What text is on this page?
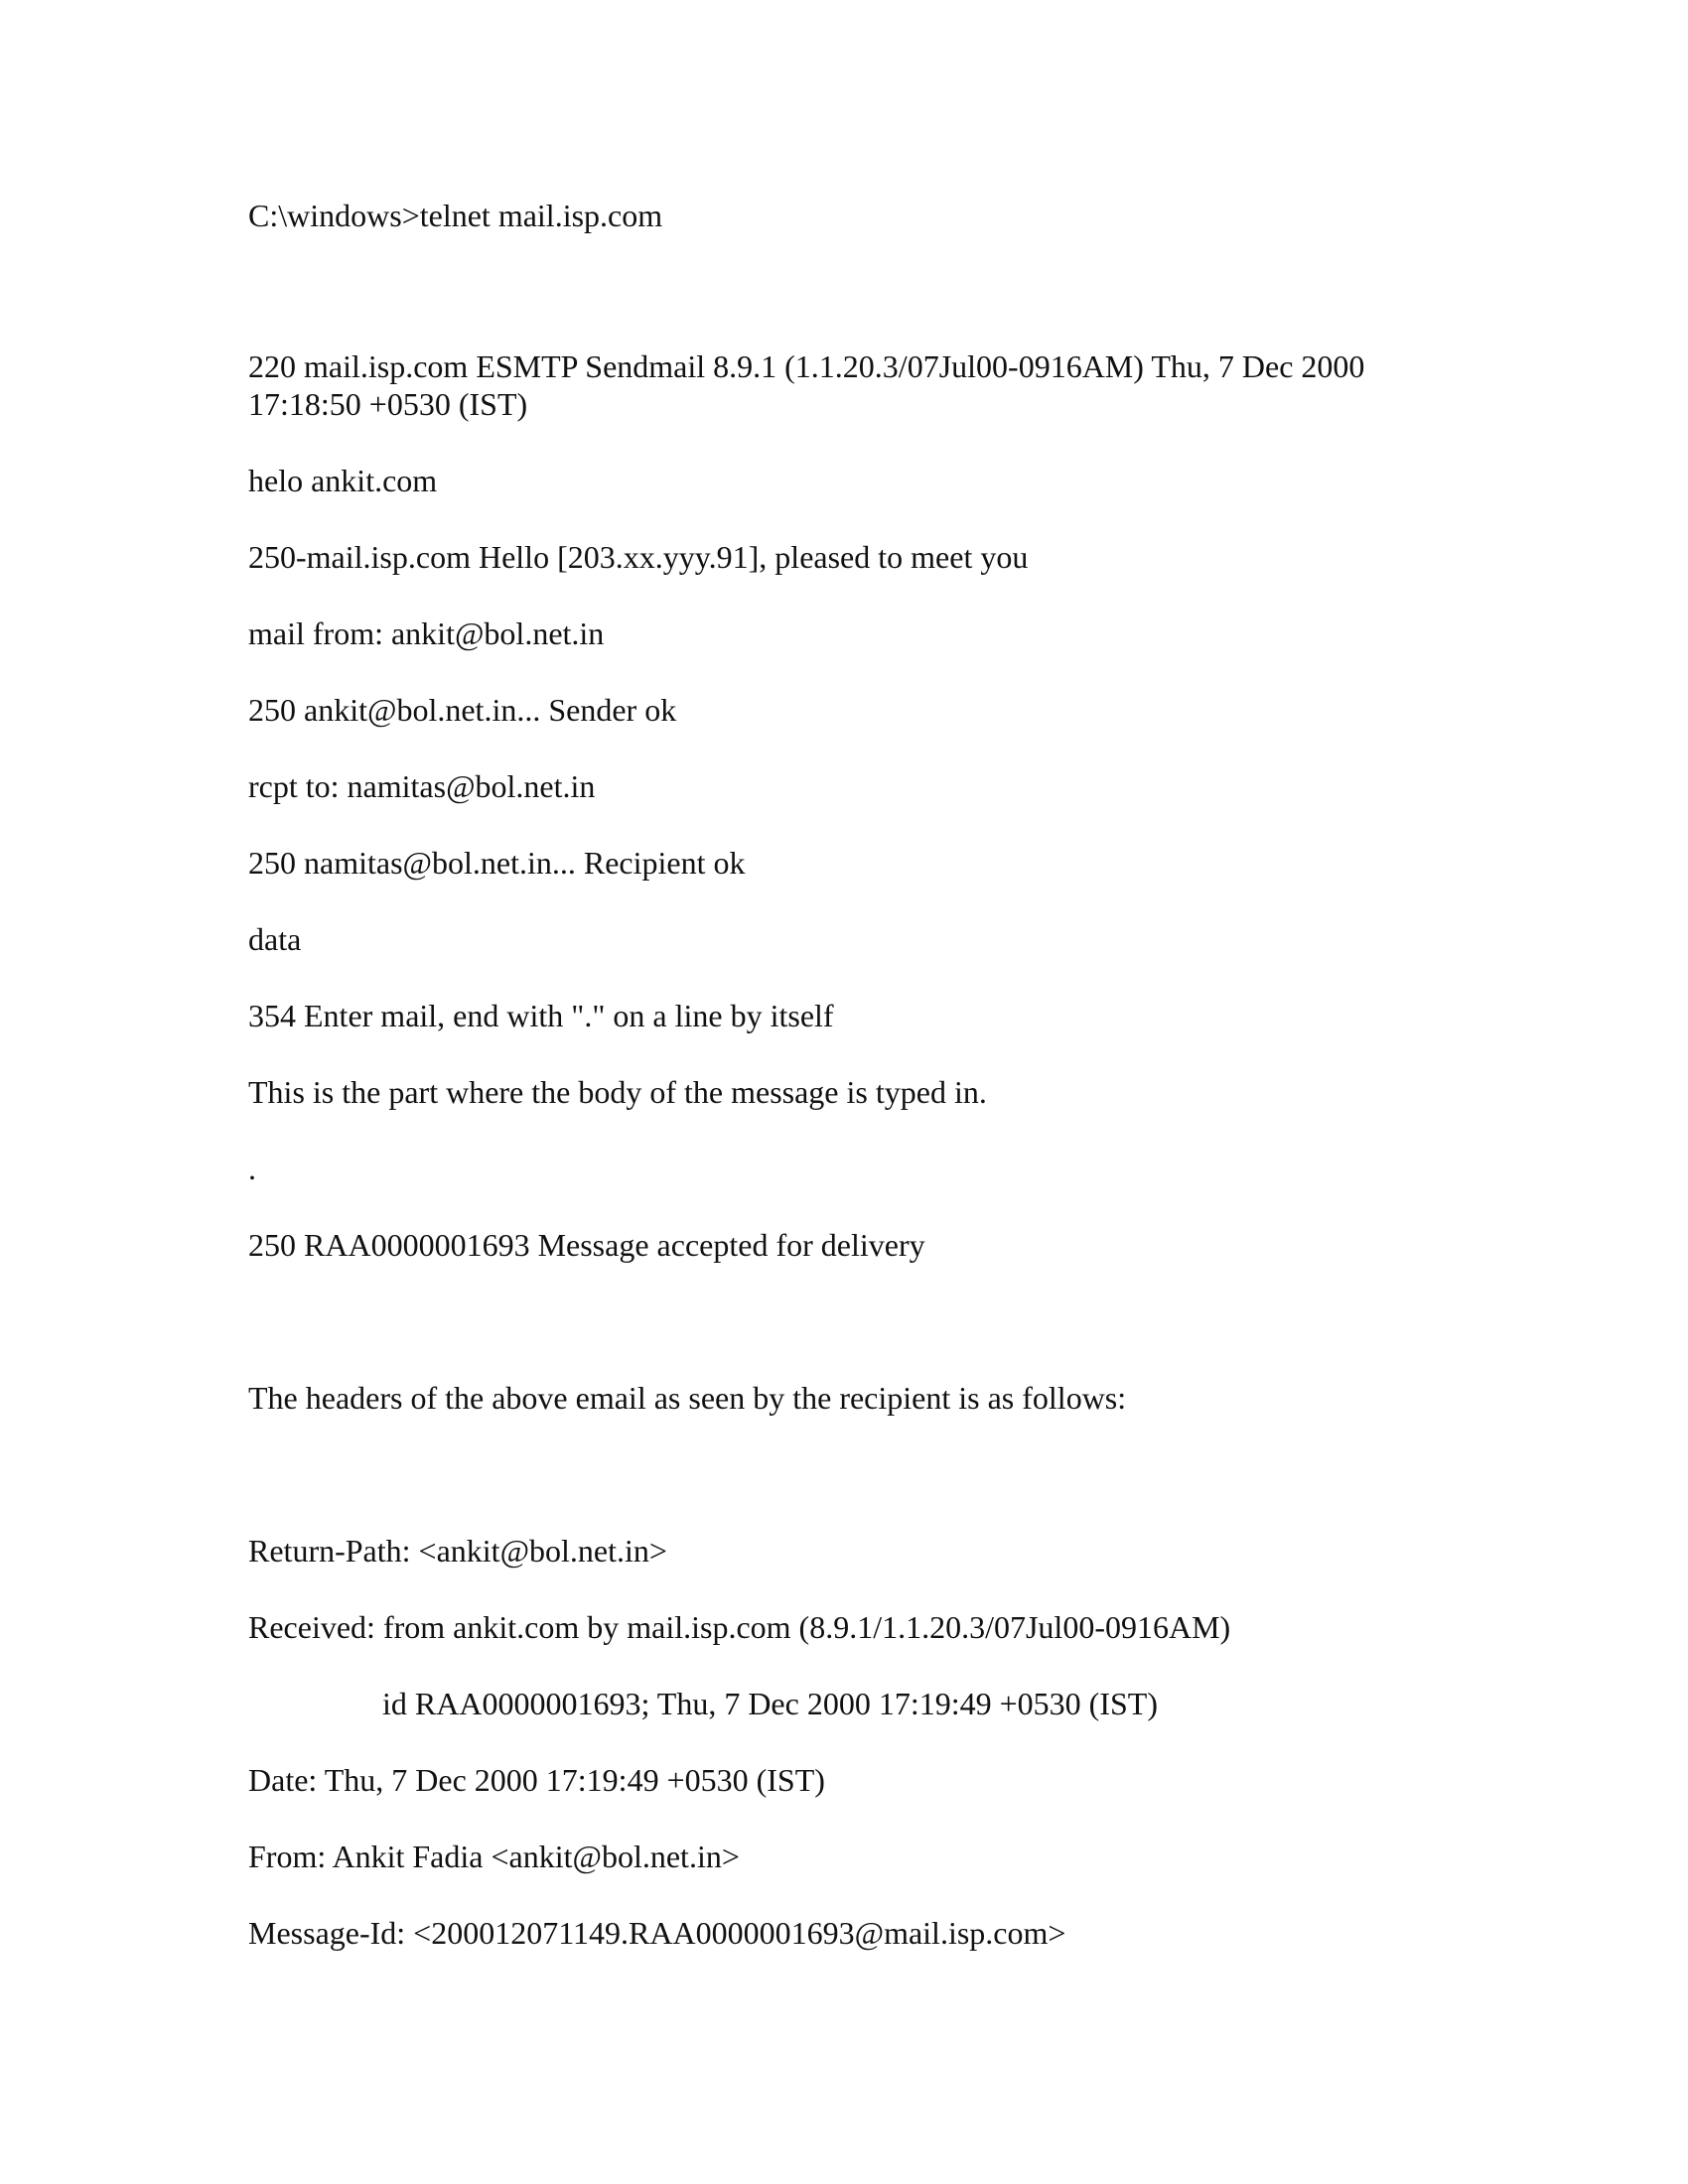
C:\windows>telnet mail.isp.com

220 mail.isp.com ESMTP Sendmail 8.9.1 (1.1.20.3/07Jul00-0916AM) Thu, 7 Dec 2000

17:18:50 +0530 (IST)

helo ankit.com

250-mail.isp.com Hello [203.xx.yyy.91], pleased to meet you

mail from: ankit@bol.net.in

250 ankit@bol.net.in... Sender ok

rcpt to: namitas@bol.net.in

250 namitas@bol.net.in... Recipient ok

data

354 Enter mail, end with "." on a line by itself

This is the part where the body of the message is typed in.

.

250 RAA0000001693 Message accepted for delivery

The headers of the above email as seen by the recipient is as follows:

Return-Path: <ankit@bol.net.in>

Received: from ankit.com by mail.isp.com (8.9.1/1.1.20.3/07Jul00-0916AM)

id RAA0000001693; Thu, 7 Dec 2000 17:19:49 +0530 (IST)

Date: Thu, 7 Dec 2000 17:19:49 +0530 (IST)

From: Ankit Fadia <ankit@bol.net.in>

Message-Id: <200012071149.RAA0000001693@mail.isp.com>
